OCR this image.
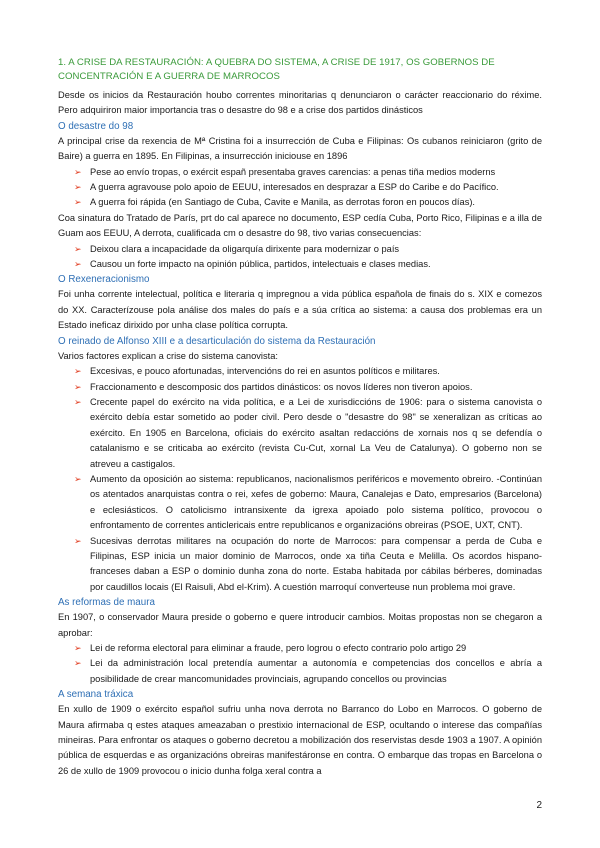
1. A CRISE DA RESTAURACIÓN: A QUEBRA DO SISTEMA, A CRISE DE 1917, OS GOBERNOS DE CONCENTRACIÓN E A GUERRA DE MARROCOS

Desde os inicios da Restauración houbo correntes minoritarias q denunciaron o carácter reaccionario do réxime. Pero adquiriron maior importancia tras o desastre do 98 e a crise dos partidos dinásticos

O desastre do 98

A principal crise da rexencia de Mª Cristina foi a insurrección de Cuba e Filipinas: Os cubanos reiniciaron (grito de Baire) a guerra en 1895. En Filipinas, a insurrección iniciouse en 1896

➢ Pese ao envío tropas, o exércit españ presentaba graves carencias: a penas tiña medios moderns
➢ A guerra agravouse polo apoio de EEUU, interesados en desprazar a ESP do Caribe e do Pacífico.
➢ A guerra foi rápida (en Santiago de Cuba, Cavite e Manila, as derrotas foron en poucos días).

Coa sinatura do Tratado de París, prt do cal aparece no documento, ESP cedía Cuba, Porto Rico, Filipinas e a illa de Guam aos EEUU, A derrota, cualificada cm o desastre do 98, tivo varias consecuencias:

➢ Deixou clara a incapacidade da oligarquía dirixente para modernizar o país
➢ Causou un forte impacto na opinión pública, partidos, intelectuais e clases medias.
O Rexeneracionismo

Foi unha corrente intelectual, política e literaria q impregnou a vida pública española de finais do s. XIX e comezos do XX. Caracterízouse pola análise dos males do país e a súa crítica ao sistema: a causa dos problemas era un Estado ineficaz dirixido por unha clase política corrupta.

O reinado de Alfonso XIII e a desarticulación do sistema da Restauración

Varios factores explican a crise do sistema canovista:

➢ Excesivas, e pouco afortunadas, intervencións do rei en asuntos políticos e militares.
➢ Fraccionamento e descomposic dos partidos dinásticos: os novos líderes non tiveron apoios.
➢ Crecente papel do exército na vida política, e a Lei de xurisdiccións de 1906: para o sistema canovista o exército debía estar sometido ao poder civil. Pero desde o "desastre do 98" se xeneralizan as críticas ao exército. En 1905 en Barcelona, oficiais do exército asaltan redaccións de xornais nos q se defendía o catalanismo e se criticaba ao exército (revista Cu-Cut, xornal La Veu de Catalunya). O goberno non se atreveu a castigalos.
➢ Aumento da oposición ao sistema: republicanos, nacionalismos periféricos e movemento obreiro. -Continúan os atentados anarquistas contra o rei, xefes de goberno: Maura, Canalejas e Dato, empresarios (Barcelona) e eclesiásticos. O catolicismo intransixente da igrexa apoiado polo sistema político, provocou o enfrontamento de correntes anticlericais entre republicanos e organizacións obreiras (PSOE, UXT, CNT).
➢ Sucesivas derrotas militares na ocupación do norte de Marrocos: para compensar a perda de Cuba e Filipinas, ESP inicia un maior dominio de Marrocos, onde xa tiña Ceuta e Melilla. Os acordos hispano-franceses daban a ESP o dominio dunha zona do norte. Estaba habitada por cábilas bérberes, dominadas por caudillos locais (El Raisuli, Abd el-Krim). A cuestión marroquí converteuse nun problema moi grave.
As reformas de maura

En 1907, o conservador Maura preside o goberno e quere introducir cambios. Moitas propostas non se chegaron a aprobar:

➢ Lei de reforma electoral para eliminar a fraude, pero logrou o efecto contrario polo artigo 29
➢ Lei da administración local pretendía aumentar a autonomía e competencias dos concellos e abría a posibilidade de crear mancomunidades provinciais, agrupando concellos ou provincias
A semana tráxica

En xullo de 1909 o exército español sufriu unha nova derrota no Barranco do Lobo en Marrocos. O goberno de Maura afirmaba q estes ataques ameazaban o prestixio internacional de ESP, ocultando o interese das compañías mineiras. Para enfrontar os ataques o goberno decretou a mobilización dos reservistas desde 1903 a 1907. A opinión pública de esquerdas e as organizacións obreiras manifestáronse en contra. O embarque das tropas en Barcelona o 26 de xullo de 1909 provocou o inicio dunha folga xeral contra a

2
